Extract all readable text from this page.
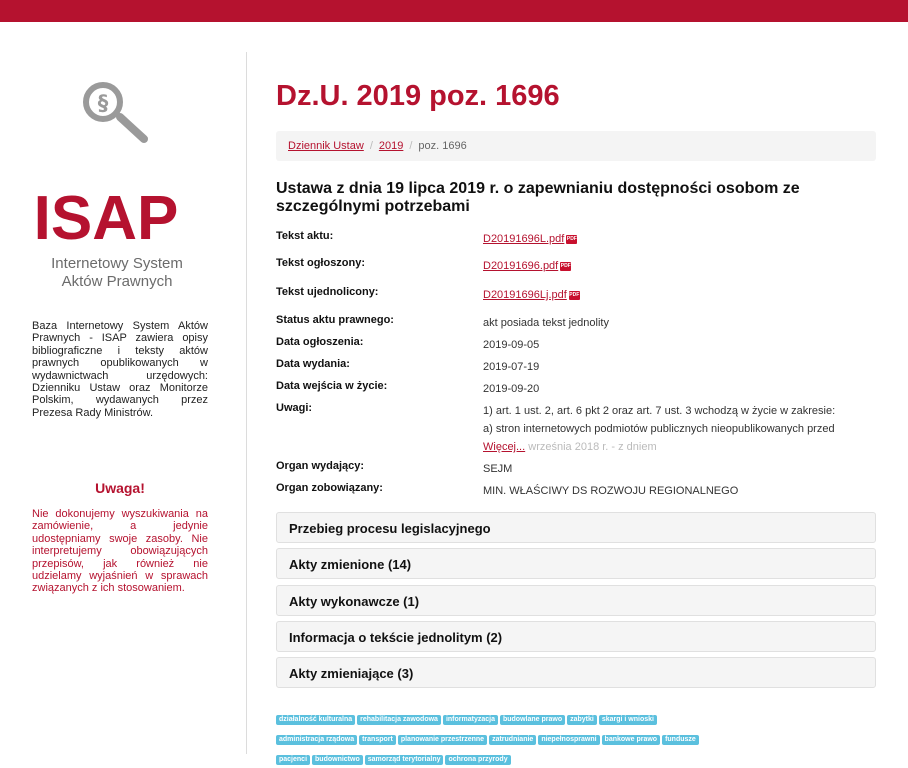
§
ISAP
Internetowy System
Aktów Prawnych
Baza Internetowy System Aktów Prawnych - ISAP zawiera opisy bibliograficzne i teksty aktów prawnych opublikowanych w wydawnictwach urzędowych: Dzienniku Ustaw oraz Monitorze Polskim, wydawanych przez Prezesa Rady Ministrów.
Uwaga!
Nie dokonujemy wyszukiwania na zamówienie, a jedynie udostępniamy swoje zasoby. Nie interpretujemy obowiązujących przepisów, jak również nie udzielamy wyjaśnień w sprawach związanych z ich stosowaniem.
Dz.U. 2019 poz. 1696
Dziennik Ustaw / 2019 / poz. 1696
Ustawa z dnia 19 lipca 2019 r. o zapewnianiu dostępności osobom ze szczególnymi potrzebami
Tekst aktu:	D20191696L.pdf PDF
Tekst ogłoszony:	D20191696.pdf PDF
Tekst ujednolicony:	D20191696Lj.pdf PDF
Status aktu prawnego:	akt posiada tekst jednolity
Data ogłoszenia:	2019-09-05
Data wydania:	2019-07-19
Data wejścia w życie:	2019-09-20
Uwagi:	1) art. 1 ust. 2, art. 6 pkt 2 oraz art. 7 ust. 3 wchodzą w życie w zakresie:
a) stron internetowych podmiotów publicznych nieopublikowanych przed
Więcej... września 2018 r. - z dniem
Organ wydający:	SEJM
Organ zobowiązany:	MIN. WŁAŚCIWY DS ROZWOJU REGIONALNEGO
Przebieg procesu legislacyjnego
Akty zmienione (14)
Akty wykonawcze (1)
Informacja o tekście jednolitym (2)
Akty zmieniające (3)
działalność kulturalna rehabilitacja zawodowa informatyzacja budowlane prawo zabytki skargi i wnioski
administracja rządowa transport planowanie przestrzenne zatrudnianie niepełnosprawni bankowe prawo fundusze
pacjenci budownictwo samorząd terytorialny ochrona przyrody
